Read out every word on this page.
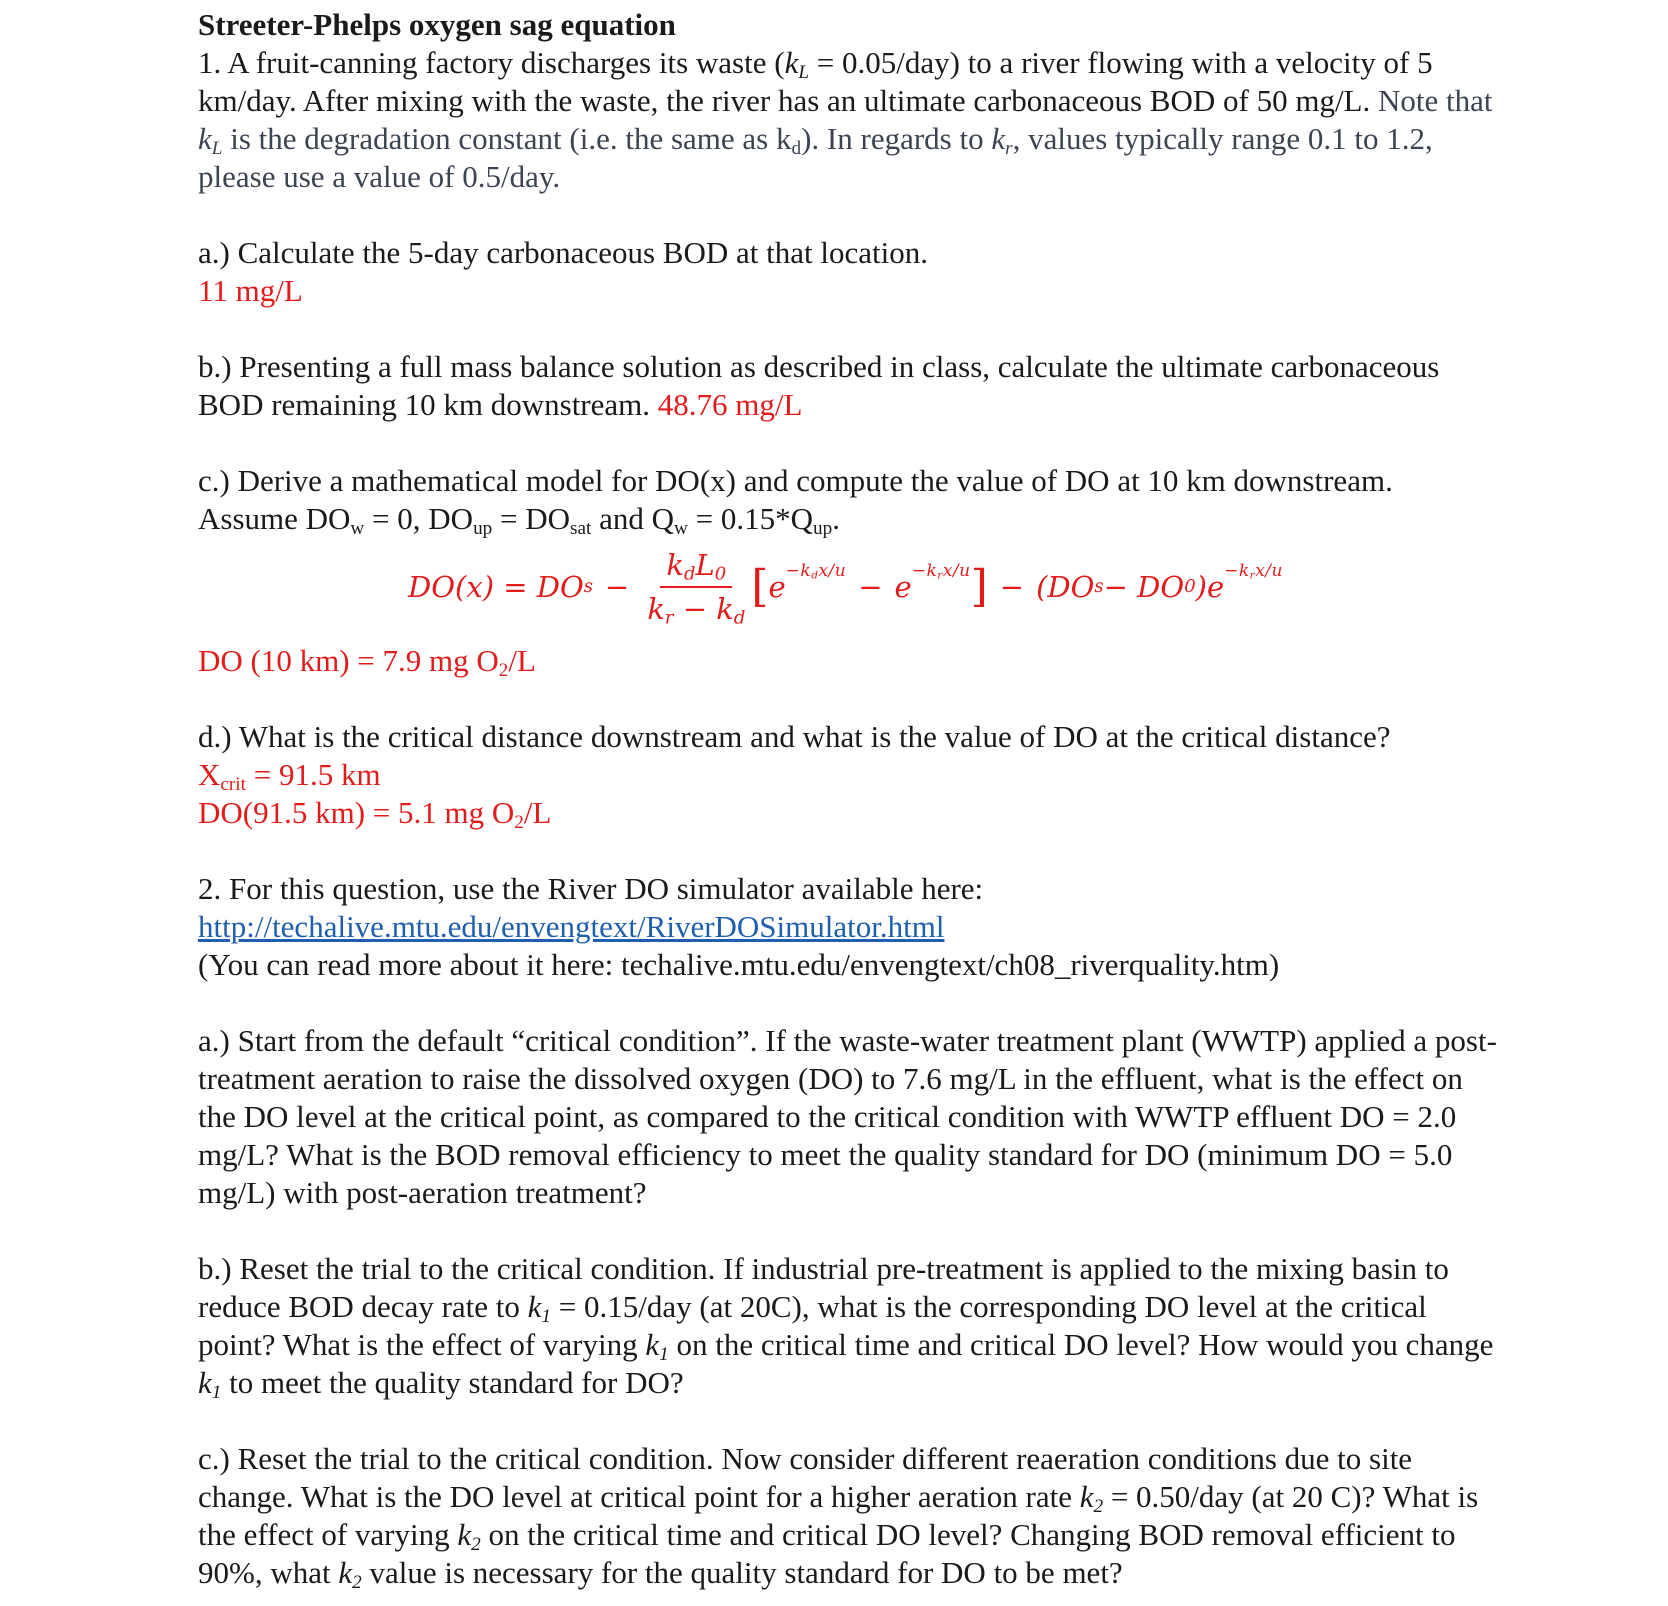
Streeter-Phelps oxygen sag equation

1. A fruit-canning factory discharges its waste $(k_L = 0.05/day)$ to a river flowing with a velocity of 5 km/day. After mixing with the waste, the river has an ultimate carbonaceous BOD of 50 mg/L. Note that $k_L$ is the degradation constant (i.e. the same as $k_d$). In regards to $k_r$, values typically range 0.1 to 1.2, please use a value of 0.5/day.

a.) Calculate the 5-day carbonaceous BOD at that location.

11 mg/L

b.) Presenting a full mass balance solution as described in class, calculate the ultimate carbonaceous BOD remaining 10 km downstream. 48.76 mg/L

c.) Derive a mathematical model for DO(x) and compute the value of DO at 10 km downstream. Assume $DO_w = 0$, $DO_{up} = DO_{sat}$ and $Q_w = 0.15*Q_{up}$.

DO(x) = DO $s - \frac{k_dL_0}{k_r - k_d}$ [ $e -k_dx/u - e -k_rx/u$ ] − (DO s − DO 0 )$e -k_rx/u$

DO (10 km) = 7.9 mg $O_2/L$

d.) What is the critical distance downstream and what is the value of DO at the critical distance?

$X_{crit} = 91.5$ km

DO(91.5 km) = 5.1 mg $O_2/L$

2. For this question, use the River DO simulator available here:

http://techalive.mtu.edu/envengtext/RiverDOSimulator.html

(You can read more about it here: techalive.mtu.edu/envengtext/ch08_riverquality.htm)

a.) Start from the default “critical condition”. If the waste-water treatment plant (WWTP) applied a post-treatment aeration to raise the dissolved oxygen (DO) to 7.6 mg/L in the effluent, what is the effect on the DO level at the critical point, as compared to the critical condition with WWTP effluent DO = 2.0 mg/L? What is the BOD removal efficiency to meet the quality standard for DO (minimum DO = 5.0 mg/L) with post-aeration treatment?

b.) Reset the trial to the critical condition. If industrial pre-treatment is applied to the mixing basin to reduce BOD decay rate to $k_1 = 0.15/day$ (at 20C), what is the corresponding DO level at the critical point? What is the effect of varying $k_1$ on the critical time and critical DO level? How would you change $k_1$ to meet the quality standard for DO?

c.) Reset the trial to the critical condition. Now consider different reaeration conditions due to site change. What is the DO level at critical point for a higher aeration rate $k_2 = 0.50/day$ (at 20 C)? What is the effect of varying $k_2$ on the critical time and critical DO level? Changing BOD removal efficient to 90%, what $k_2$ value is necessary for the quality standard for DO to be met?
